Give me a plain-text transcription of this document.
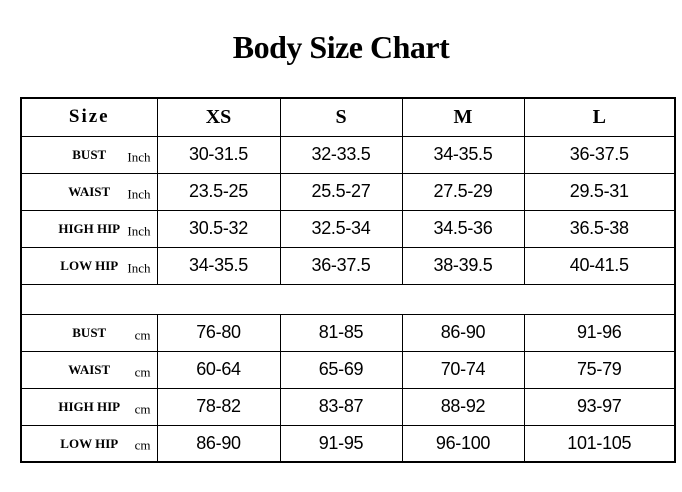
Body Size Chart
Size	XS	S	M	L
BUST Inch	30-31.5	32-33.5	34-35.5	36-37.5
WAIST Inch	23.5-25	25.5-27	27.5-29	29.5-31
HIGH HIP Inch	30.5-32	32.5-34	34.5-36	36.5-38
LOW HIP Inch	34-35.5	36-37.5	38-39.5	40-41.5

BUST cm	76-80	81-85	86-90	91-96
WAIST cm	60-64	65-69	70-74	75-79
HIGH HIP cm	78-82	83-87	88-92	93-97
LOW HIP cm	86-90	91-95	96-100	101-105
